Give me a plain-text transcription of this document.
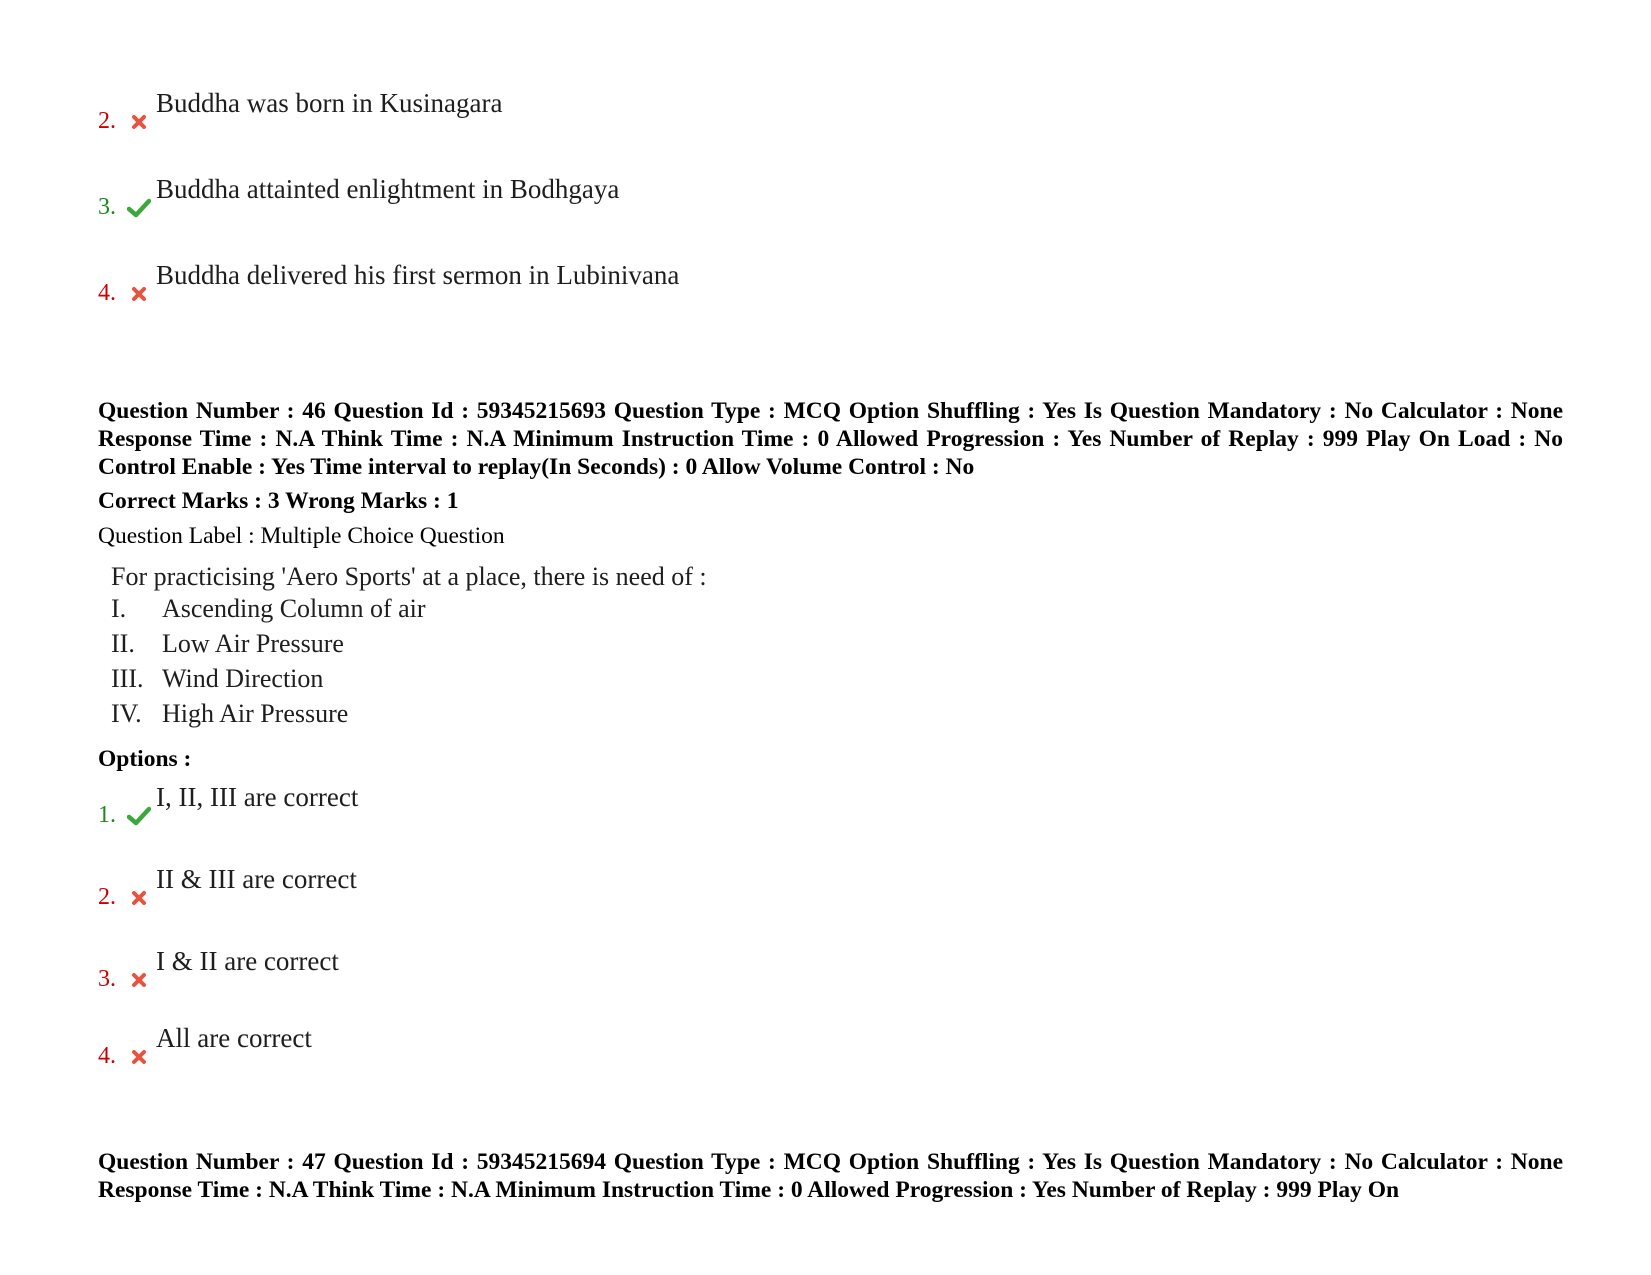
2.
Buddha was born in Kusinagara
3.
Buddha attainted enlightment in Bodhgaya
4.
Buddha delivered his first sermon in Lubinivana
Question Number : 46 Question Id : 59345215693 Question Type : MCQ Option Shuffling : Yes Is Question Mandatory : No Calculator : None Response Time : N.A Think Time : N.A Minimum Instruction Time : 0 Allowed Progression : Yes Number of Replay : 999 Play On Load : No Control Enable : Yes Time interval to replay(In Seconds) : 0 Allow Volume Control : No
Correct Marks : 3 Wrong Marks : 1
Question Label : Multiple Choice Question
For practicising 'Aero Sports' at a place, there is need of :
I.	Ascending Column of air
II.	Low Air Pressure
III. Wind Direction
IV. High Air Pressure
Options :
1.
I, II, III are correct
2.
II & III are correct
3.
I & II are correct
4.
All are correct
Question Number : 47 Question Id : 59345215694 Question Type : MCQ Option Shuffling : Yes Is Question Mandatory : No Calculator : None Response Time : N.A Think Time : N.A Minimum Instruction Time : 0 Allowed Progression : Yes Number of Replay : 999 Play On
